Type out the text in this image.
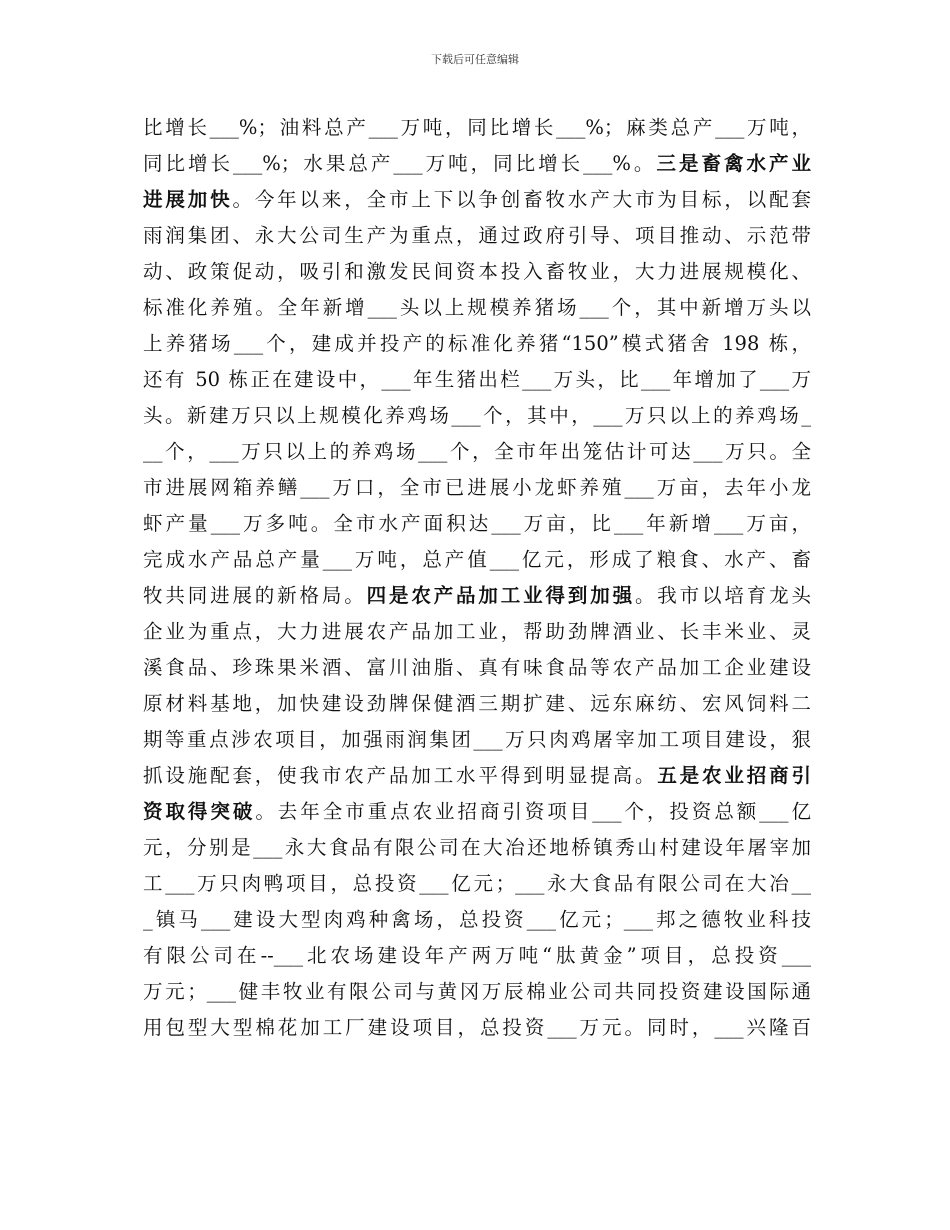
下载后可任意编辑
比增长___%；油料总产___万吨，同比增长___%；麻类总产___万吨，
同比增长___%；水果总产___万吨，同比增长___%。三是畜禽水产业
进展加快。今年以来，全市上下以争创畜牧水产大市为目标，以配套
雨润集团、永大公司生产为重点，通过政府引导、项目推动、示范带
动、政策促动，吸引和激发民间资本投入畜牧业，大力进展规模化、
标准化养殖。全年新增___头以上规模养猪场___个，其中新增万头以
上养猪场___个，建成并投产的标准化养猪“150”模式猪舍 198 栋，
还有 50 栋正在建设中，___年生猪出栏___万头，比___年增加了___万
头。新建万只以上规模化养鸡场___个，其中，___万只以上的养鸡场_
__个，___万只以上的养鸡场___个，全市年出笼估计可达___万只。全
市进展网箱养鳝___万口，全市已进展小龙虾养殖___万亩，去年小龙
虾产量___万多吨。全市水产面积达___万亩，比___年新增___万亩，
完成水产品总产量___万吨，总产值___亿元，形成了粮食、水产、畜
牧共同进展的新格局。四是农产品加工业得到加强。我市以培育龙头
企业为重点，大力进展农产品加工业，帮助劲牌酒业、长丰米业、灵
溪食品、珍珠果米酒、富川油脂、真有味食品等农产品加工企业建设
原材料基地，加快建设劲牌保健酒三期扩建、远东麻纺、宏风饲料二
期等重点涉农项目，加强雨润集团___万只肉鸡屠宰加工项目建设，狠
抓设施配套，使我市农产品加工水平得到明显提高。五是农业招商引
资取得突破。去年全市重点农业招商引资项目___个，投资总额___亿
元，分别是___永大食品有限公司在大冶还地桥镇秀山村建设年屠宰加
工___万只肉鸭项目，总投资___亿元；___永大食品有限公司在大冶__
_镇马___建设大型肉鸡种禽场，总投资___亿元；___邦之德牧业科技
有限公司在--___北农场建设年产两万吨“肽黄金”项目，总投资___
万元；___健丰牧业有限公司与黄冈万辰棉业公司共同投资建设国际通
用包型大型棉花加工厂建设项目，总投资___万元。同时，___兴隆百
